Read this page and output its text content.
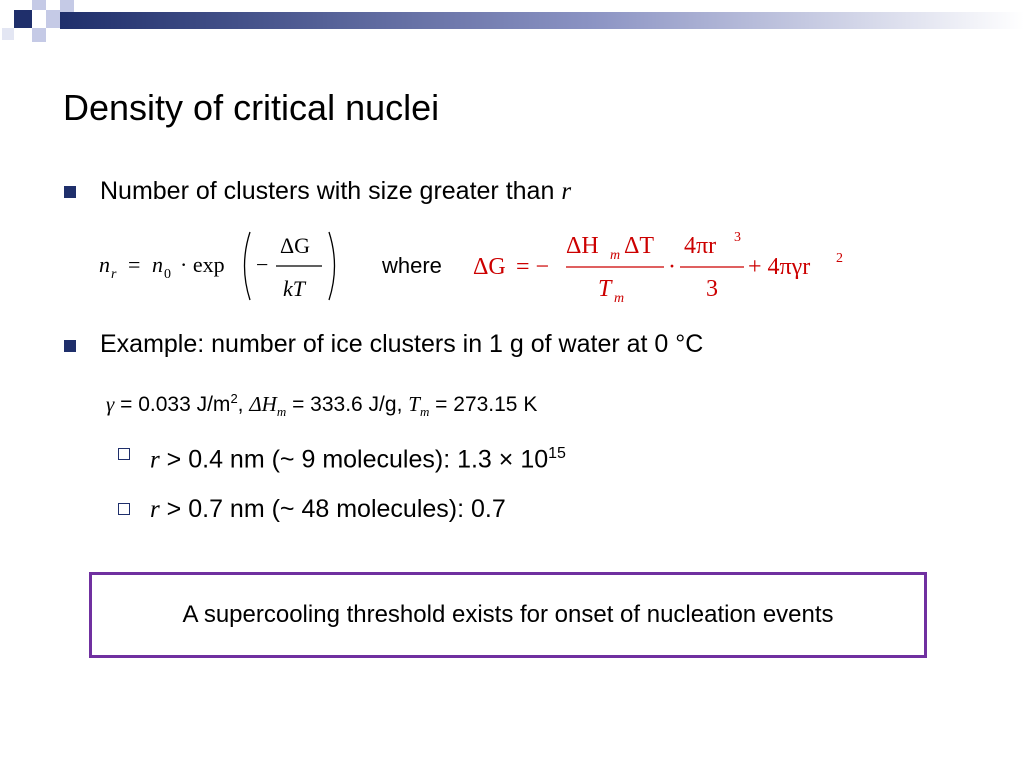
Density of critical nuclei
Number of clusters with size greater than r
n r = n 0 · exp −
ΔG
kT
where ΔG = −
ΔH m ΔT
T m
·
4πr 3
3
+ 4πγr 2
Example: number of ice clusters in 1 g of water at 0 °C
γ = 0.033 $J/m^2$, $\Delta H_m = 333.6$ J/g, $T_m = 273.15$ K
r > 0.4 nm (~ 9 molecules): $1.3 \times 10^{15}$
r > 0.7 nm (~ 48 molecules): 0.7
A supercooling threshold exists for onset of nucleation events
